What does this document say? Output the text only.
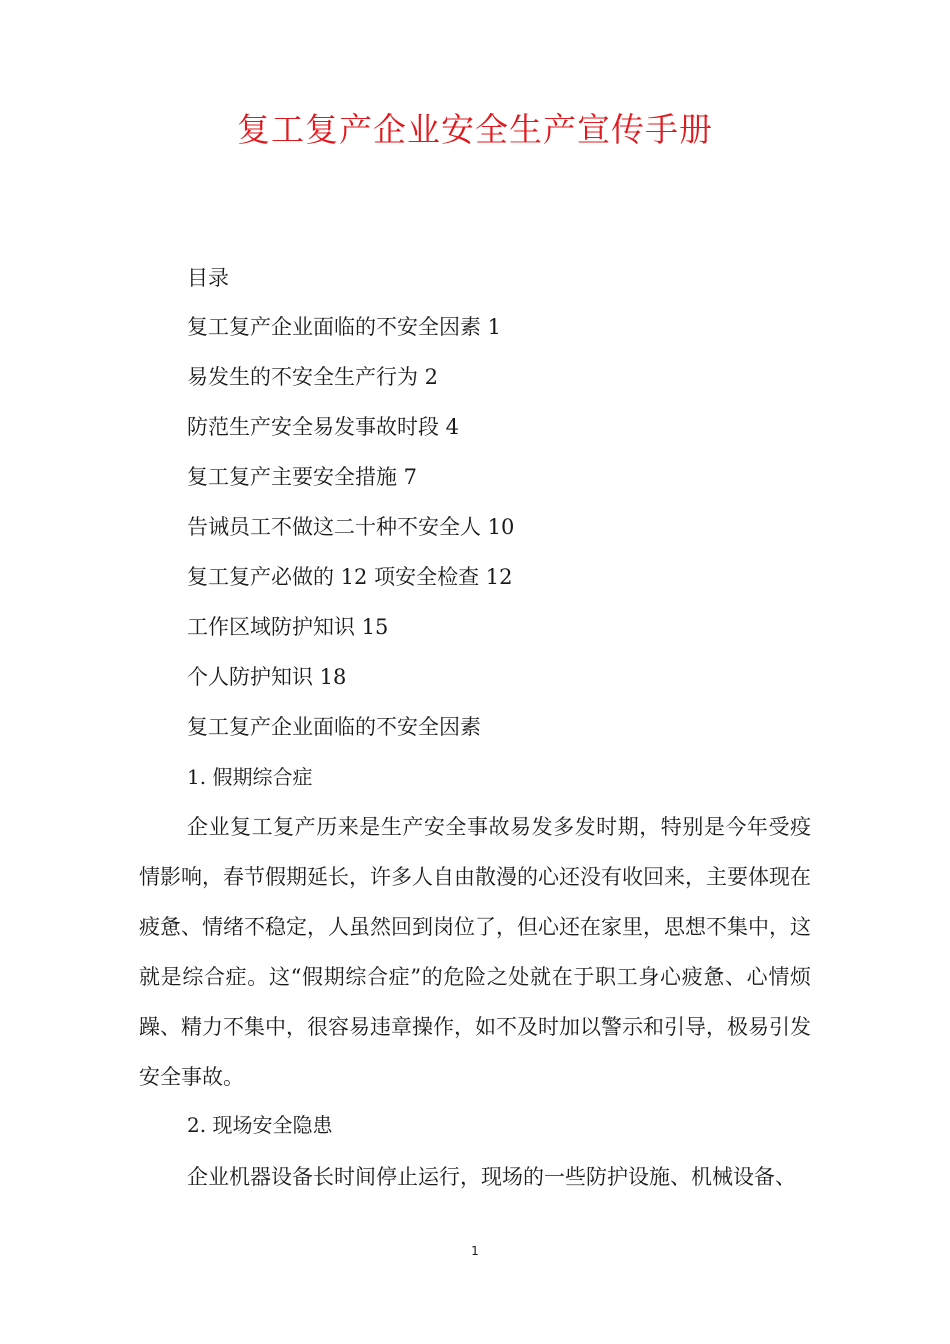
复工复产企业安全生产宣传手册

目录

复工复产企业面临的不安全因素 1
易发生的不安全生产行为 2
防范生产安全易发事故时段 4
复工复产主要安全措施 7
告诫员工不做这二十种不安全人 10
复工复产必做的 12 项安全检查 12
工作区域防护知识 15
个人防护知识 18
复工复产企业面临的不安全因素
1. 假期综合症

企业复工复产历来是生产安全事故易发多发时期，特别是今年受疫情影响，春节假期延长，许多人自由散漫的心还没有收回来，主要体现在疲惫、情绪不稳定，人虽然回到岗位了，但心还在家里，思想不集中，这就是综合症。这“假期综合症”的危险之处就在于职工身心疲惫、心情烦躁、精力不集中，很容易违章操作，如不及时加以警示和引导，极易引发安全事故。

2. 现场安全隐患

企业机器设备长时间停止运行，现场的一些防护设施、机械设备、

1
